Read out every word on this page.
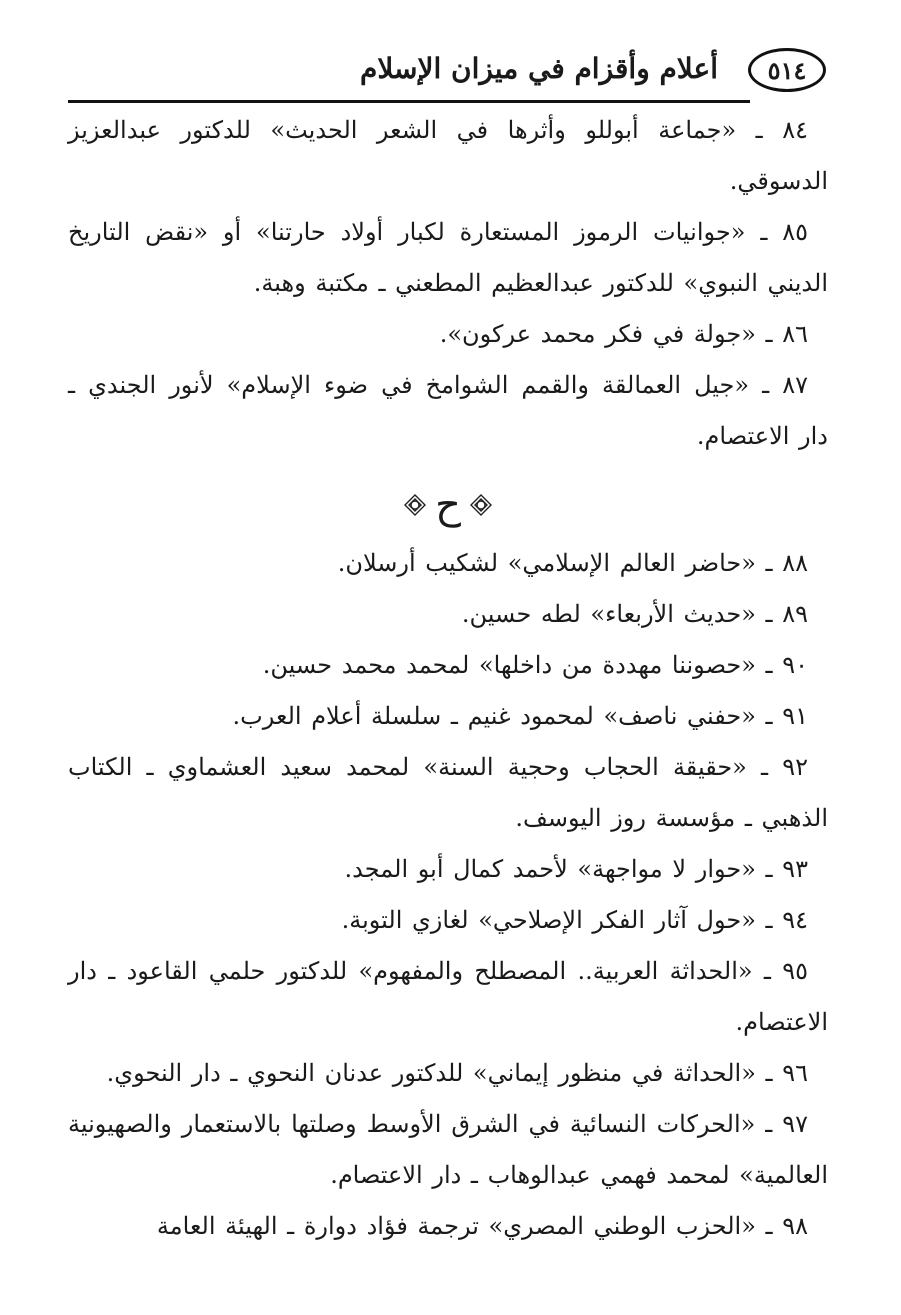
٥١٤
أعلام وأقزام في ميزان الإسلام

٨٤ ـ «جماعة أبوللو وأثرها في الشعر الحديث» للدكتور عبدالعزيز الدسوقي.

٨٥ ـ «جوانيات الرموز المستعارة لكبار أولاد حارتنا» أو «نقض التاريخ الديني النبوي» للدكتور عبدالعظيم المطعني ـ مكتبة وهبة.

٨٦ ـ «جولة في فكر محمد عركون».

٨٧ ـ «جيل العمالقة والقمم الشوامخ في ضوء الإسلام» لأنور الجندي ـ دار الاعتصام.

ح

٨٨ ـ «حاضر العالم الإسلامي» لشكيب أرسلان.

٨٩ ـ «حديث الأربعاء» لطه حسين.

٩٠ ـ «حصوننا مهددة من داخلها» لمحمد محمد حسين.

٩١ ـ «حفني ناصف» لمحمود غنيم ـ سلسلة أعلام العرب.

٩٢ ـ «حقيقة الحجاب وحجية السنة» لمحمد سعيد العشماوي ـ الكتاب الذهبي ـ مؤسسة روز اليوسف.

٩٣ ـ «حوار لا مواجهة» لأحمد كمال أبو المجد.

٩٤ ـ «حول آثار الفكر الإصلاحي» لغازي التوبة.

٩٥ ـ «الحداثة العربية.. المصطلح والمفهوم» للدكتور حلمي القاعود ـ دار الاعتصام.

٩٦ ـ «الحداثة في منظور إيماني» للدكتور عدنان النحوي ـ دار النحوي.

٩٧ ـ «الحركات النسائية في الشرق الأوسط وصلتها بالاستعمار والصهيونية العالمية» لمحمد فهمي عبدالوهاب ـ دار الاعتصام.

٩٨ ـ «الحزب الوطني المصري» ترجمة فؤاد دوارة ـ الهيئة العامة
